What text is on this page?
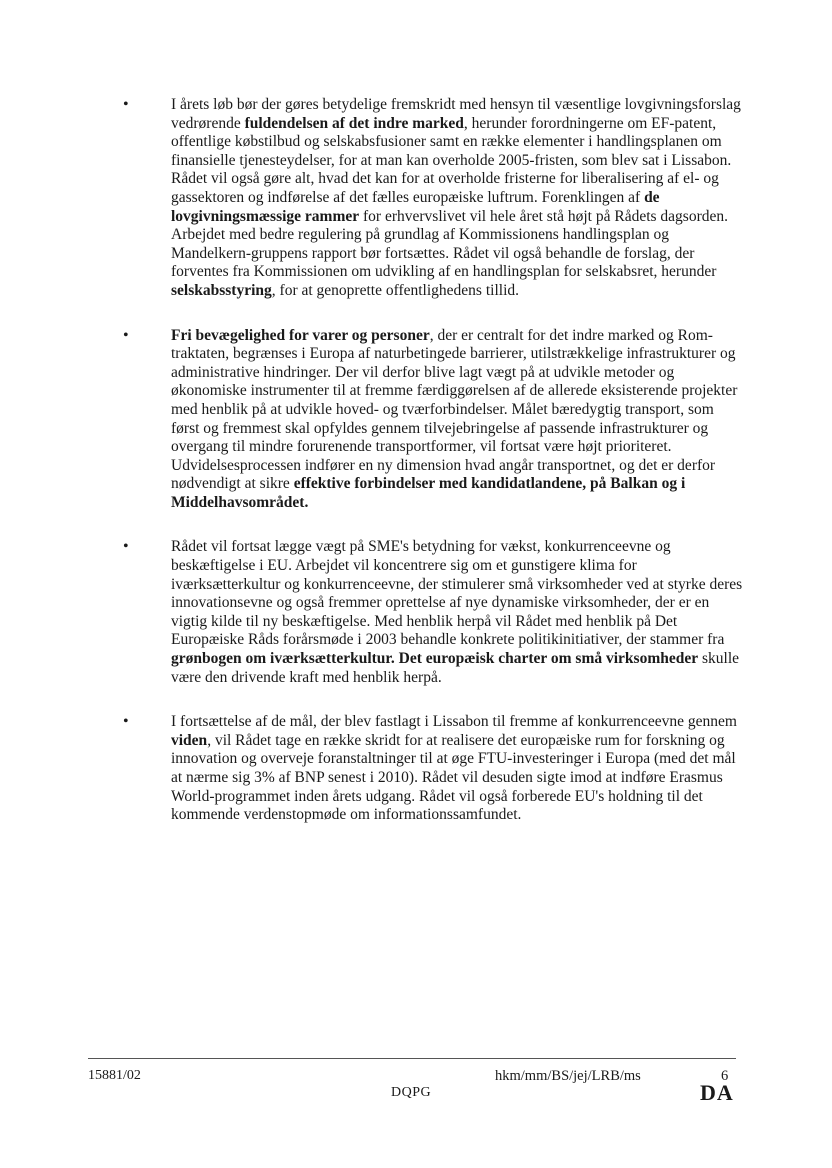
•	I årets løb bør der gøres betydelige fremskridt med hensyn til væsentlige lovgivningsforslag vedrørende fuldendelsen af det indre marked, herunder forordningerne om EF-patent, offentlige købstilbud og selskabsfusioner samt en række elementer i handlingsplanen om finansielle tjenesteydelser, for at man kan overholde 2005-fristen, som blev sat i Lissabon. Rådet vil også gøre alt, hvad det kan for at overholde fristerne for liberalisering af el- og gassektoren og indførelse af det fælles europæiske luftrum. Forenklingen af de lovgivningsmæssige rammer for erhvervslivet vil hele året stå højt på Rådets dagsorden. Arbejdet med bedre regulering på grundlag af Kommissionens handlingsplan og Mandelkern-gruppens rapport bør fortsættes. Rådet vil også behandle de forslag, der forventes fra Kommissionen om udvikling af en handlingsplan for selskabsret, herunder selskabsstyring, for at genoprette offentlighedens tillid.

•	Fri bevægelighed for varer og personer, der er centralt for det indre marked og Rom-traktaten, begrænses i Europa af naturbetingede barrierer, utilstrækkelige infrastrukturer og administrative hindringer. Der vil derfor blive lagt vægt på at udvikle metoder og økonomiske instrumenter til at fremme færdiggørelsen af de allerede eksisterende projekter med henblik på at udvikle hoved- og tværforbindelser. Målet bæredygtig transport, som først og fremmest skal opfyldes gennem tilvejebringelse af passende infrastrukturer og overgang til mindre forurenende transportformer, vil fortsat være højt prioriteret. Udvidelsesprocessen indfører en ny dimension hvad angår transportnet, og det er derfor nødvendigt at sikre effektive forbindelser med kandidatlandene, på Balkan og i Middelhavsområdet.

•	Rådet vil fortsat lægge vægt på SME's betydning for vækst, konkurrenceevne og beskæftigelse i EU. Arbejdet vil koncentrere sig om et gunstigere klima for iværksætterkultur og konkurrenceevne, der stimulerer små virksomheder ved at styrke deres innovationsevne og også fremmer oprettelse af nye dynamiske virksomheder, der er en vigtig kilde til ny beskæftigelse. Med henblik herpå vil Rådet med henblik på Det Europæiske Råds forårsmøde i 2003 behandle konkrete politikinitiativer, der stammer fra grønbogen om iværksætterkultur. Det europæisk charter om små virksomheder skulle være den drivende kraft med henblik herpå.

•	I fortsættelse af de mål, der blev fastlagt i Lissabon til fremme af konkurrenceevne gennem viden, vil Rådet tage en række skridt for at realisere det europæiske rum for forskning og innovation og overveje foranstaltninger til at øge FTU-investeringer i Europa (med det mål at nærme sig 3% af BNP senest i 2010). Rådet vil desuden sigte imod at indføre Erasmus World-programmet inden årets udgang. Rådet vil også forberede EU's holdning til det kommende verdenstopmøde om informationssamfundet.

15881/02	hkm/mm/BS/jej/LRB/ms	6
DQPG	DA
